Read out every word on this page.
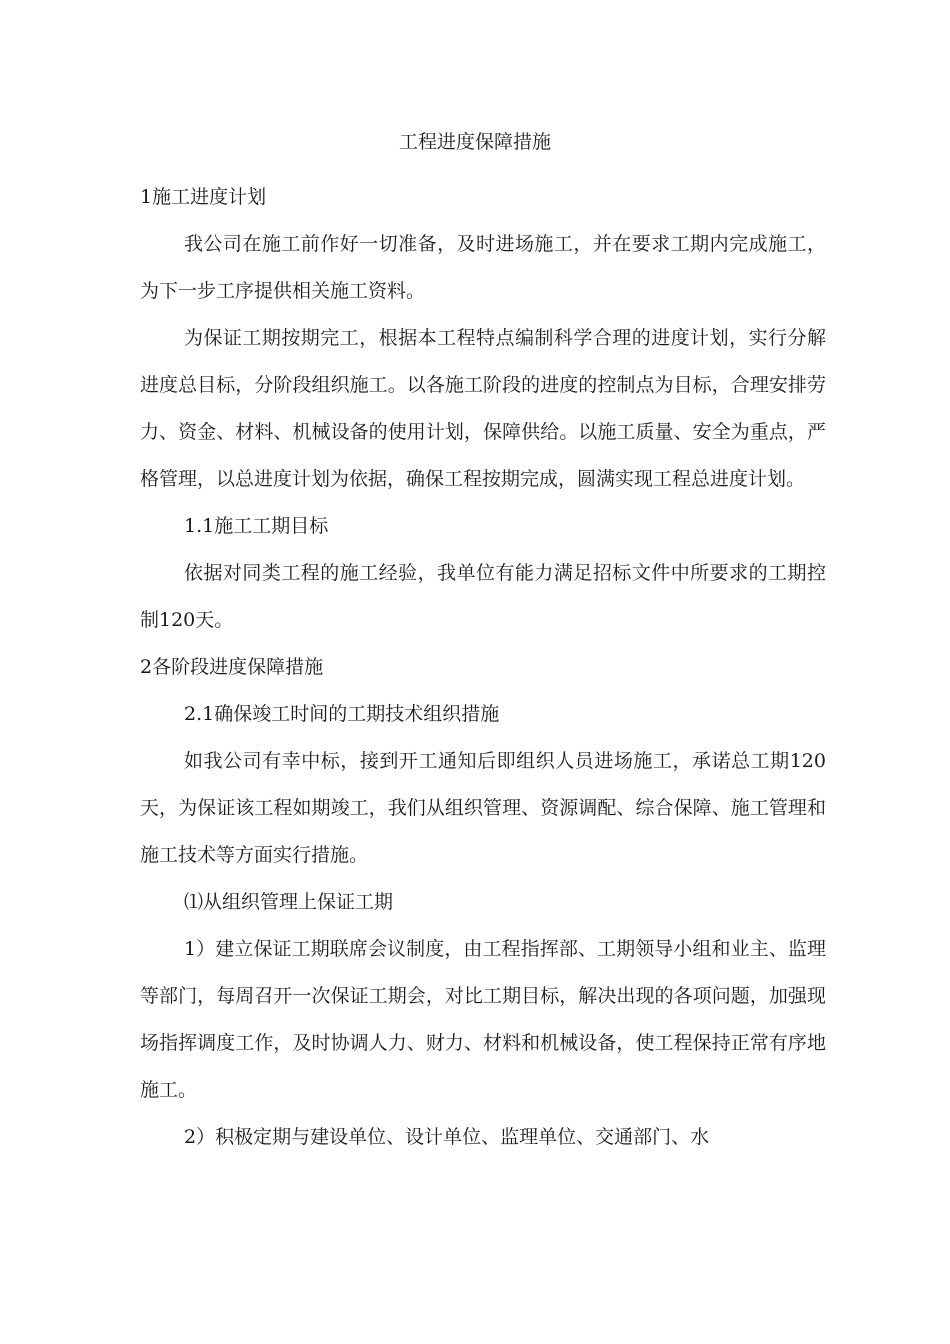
工程进度保障措施

1施工进度计划

我公司在施工前作好一切准备，及时进场施工，并在要求工期内完成施工，为下一步工序提供相关施工资料。

为保证工期按期完工，根据本工程特点编制科学合理的进度计划，实行分解进度总目标，分阶段组织施工。以各施工阶段的进度的控制点为目标，合理安排劳力、资金、材料、机械设备的使用计划，保障供给。以施工质量、安全为重点，严格管理，以总进度计划为依据，确保工程按期完成，圆满实现工程总进度计划。

1.1施工工期目标

依据对同类工程的施工经验，我单位有能力满足招标文件中所要求的工期控制120天。

2各阶段进度保障措施

2.1确保竣工时间的工期技术组织措施

如我公司有幸中标，接到开工通知后即组织人员进场施工，承诺总工期120天，为保证该工程如期竣工，我们从组织管理、资源调配、综合保障、施工管理和施工技术等方面实行措施。

⑴从组织管理上保证工期

1）建立保证工期联席会议制度，由工程指挥部、工期领导小组和业主、监理等部门，每周召开一次保证工期会，对比工期目标，解决出现的各项问题，加强现场指挥调度工作，及时协调人力、财力、材料和机械设备，使工程保持正常有序地施工。

2）积极定期与建设单位、设计单位、监理单位、交通部门、水
